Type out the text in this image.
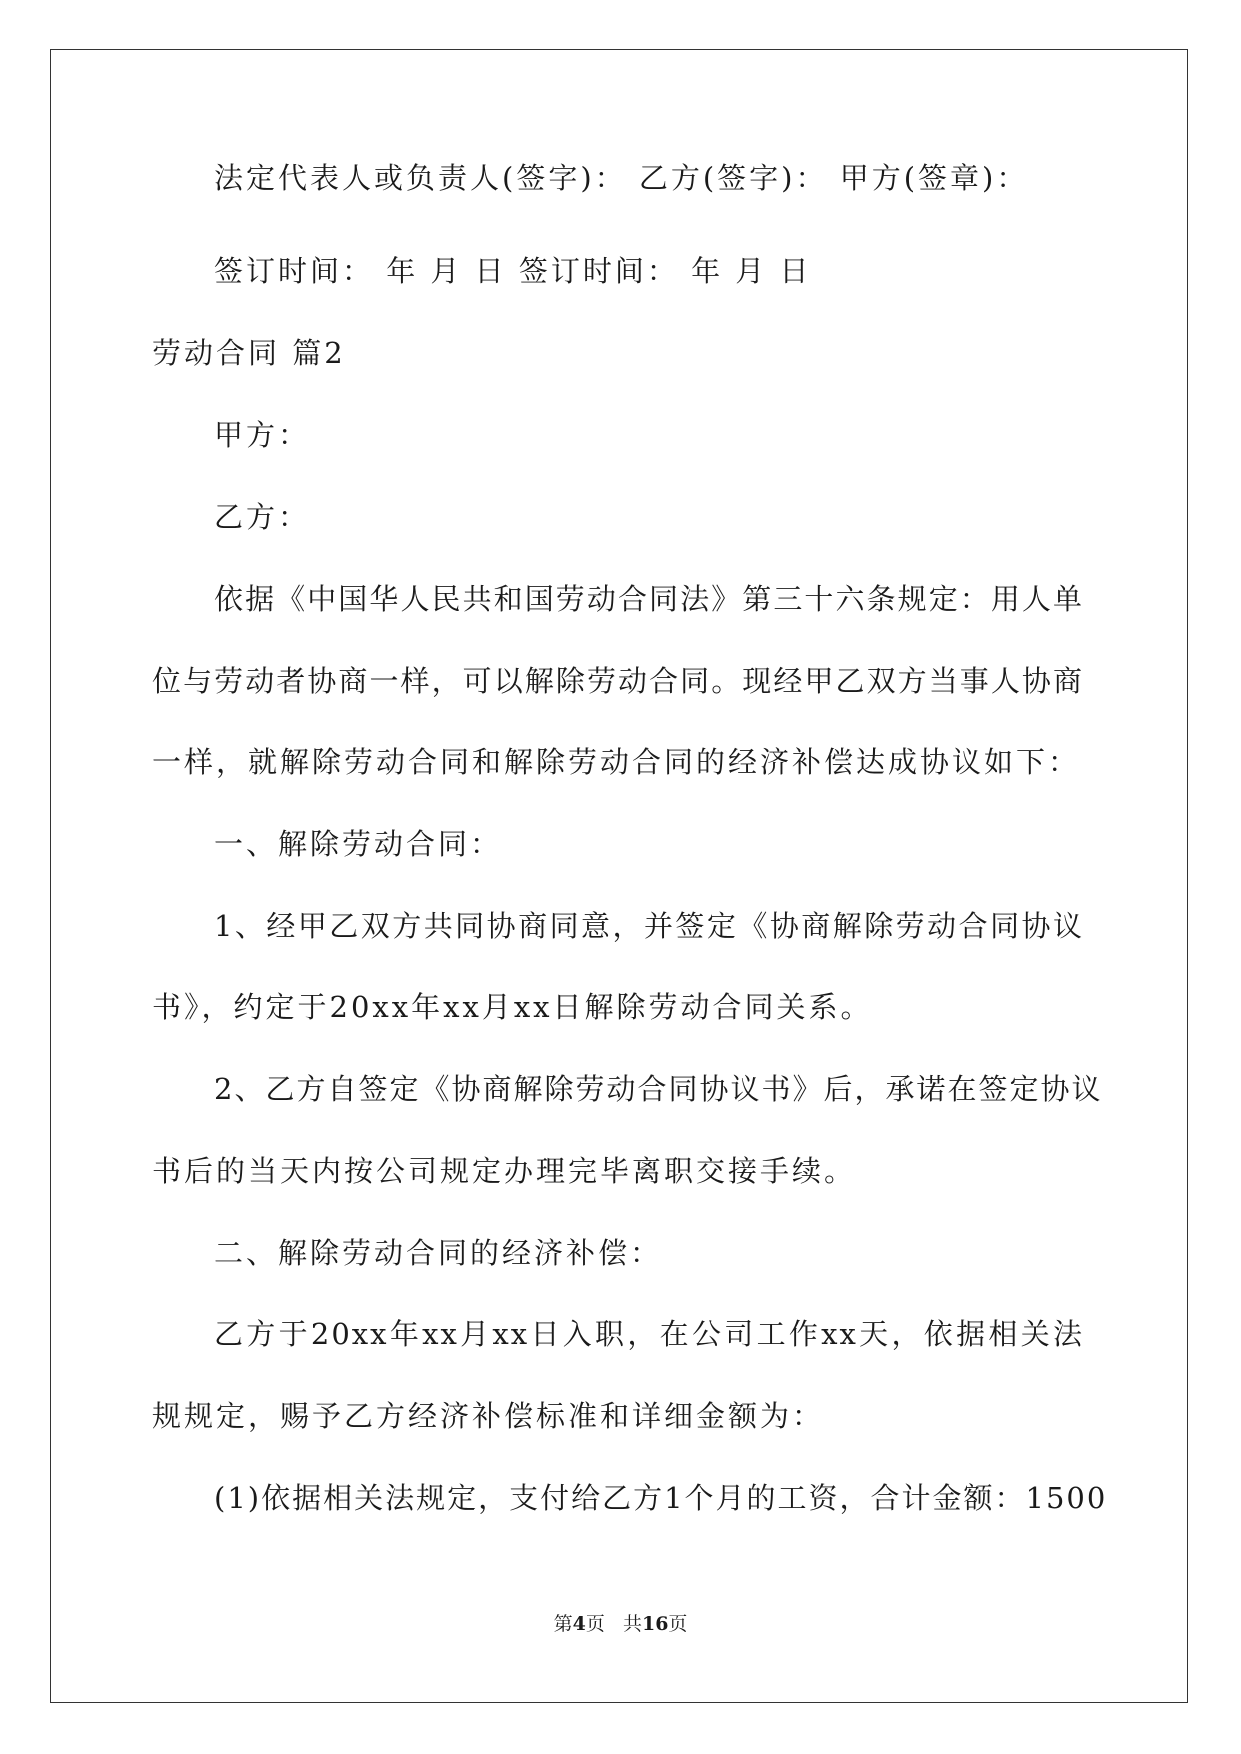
法定代表人或负责人(签字)： 乙方(签字)： 甲方(签章)：
签订时间： 年 月 日 签订时间： 年 月 日
劳动合同 篇2
甲方：
乙方：
依据《中国华人民共和国劳动合同法》第三十六条规定：用人单
位与劳动者协商一样，可以解除劳动合同。现经甲乙双方当事人协商
一样，就解除劳动合同和解除劳动合同的经济补偿达成协议如下：
一、解除劳动合同：
1、经甲乙双方共同协商同意，并签定《协商解除劳动合同协议
书》，约定于20xx年xx月xx日解除劳动合同关系。
2、乙方自签定《协商解除劳动合同协议书》后，承诺在签定协议
书后的当天内按公司规定办理完毕离职交接手续。
二、解除劳动合同的经济补偿：
乙方于20xx年xx月xx日入职，在公司工作xx天，依据相关法
规规定，赐予乙方经济补偿标准和详细金额为：
(1)依据相关法规定，支付给乙方1个月的工资，合计金额：1500
第4页 共16页
